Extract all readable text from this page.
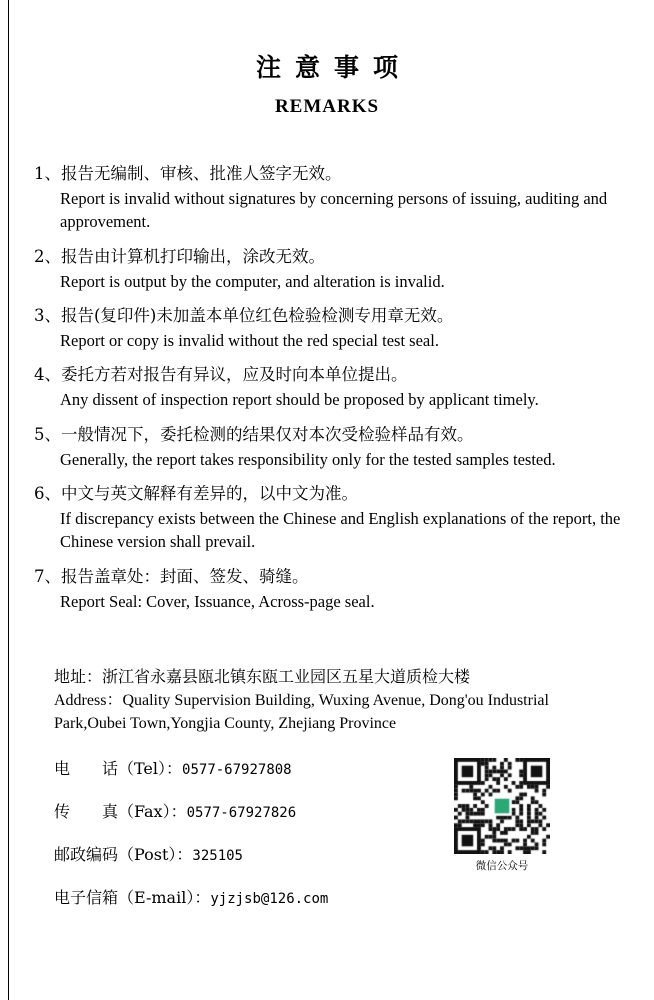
注意事项
REMARKS
1、报告无编制、审核、批准人签字无效。
Report is invalid without signatures by concerning persons of issuing, auditing and approvement.
2、报告由计算机打印输出，涂改无效。
Report is output by the computer, and alteration is invalid.
3、报告(复印件)未加盖本单位红色检验检测专用章无效。
Report or copy is invalid without the red special test seal.
4、委托方若对报告有异议，应及时向本单位提出。
Any dissent of inspection report should be proposed by applicant timely.
5、一般情况下，委托检测的结果仅对本次受检验样品有效。
Generally, the report takes responsibility only for the tested samples tested.
6、中文与英文解释有差异的，以中文为准。
If discrepancy exists between the Chinese and English explanations of the report, the Chinese version shall prevail.
7、报告盖章处：封面、签发、骑缝。
Report Seal: Cover, Issuance, Across-page seal.
地址：浙江省永嘉县瓯北镇东瓯工业园区五星大道质检大楼
Address：Quality Supervision Building, Wuxing Avenue, Dong'ou Industrial Park,Oubei Town,Yongjia County, Zhejiang Province
电　　话（Tel）：0577-67927808
传　　真（Fax）：0577-67927826
邮政编码（Post）：325105
电子信箱（E-mail）：yjzjsb@126.com
微信公众号
